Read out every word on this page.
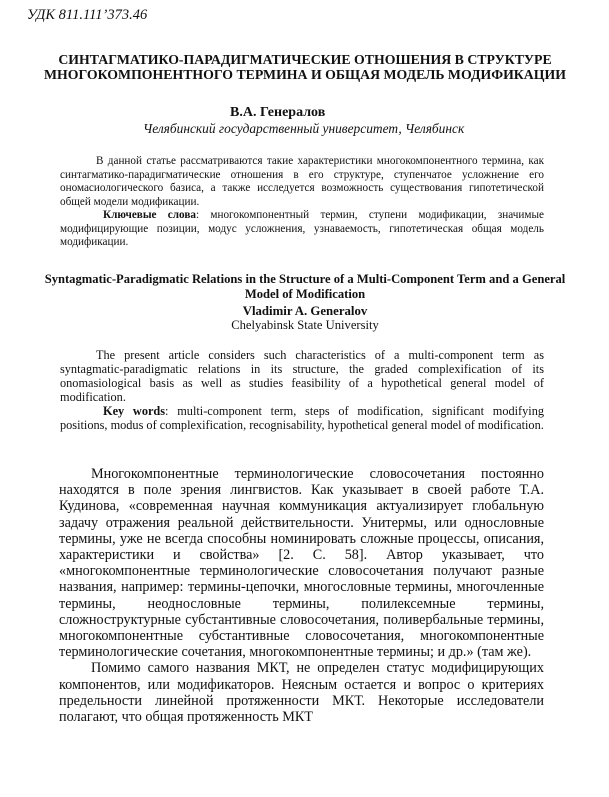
УДК 811.111’373.46
СИНТАГМАТИКО-ПАРАДИГМАТИЧЕСКИЕ ОТНОШЕНИЯ В СТРУКТУРЕ МНОГОКОМПОНЕНТНОГО ТЕРМИНА И ОБЩАЯ МОДЕЛЬ МОДИФИКАЦИИ
В.А. Генералов
Челябинский государственный университет, Челябинск

В данной статье рассматриваются такие характеристики многокомпонентного термина, как синтагматико-парадигматические отношения в его структуре, ступенчатое усложнение его ономасиологического базиса, а также исследуется возможность существования гипотетической общей модели модификации.

Ключевые слова: многокомпонентный термин, ступени модификации, значимые модифицирующие позиции, модус усложнения, узнаваемость, гипотетическая общая модель модификации.

Syntagmatic-Paradigmatic Relations in the Structure of a Multi-Component Term and a General Model of Modification
Vladimir A. Generalov
Chelyabinsk State University

The present article considers such characteristics of a multi-component term as syntagmatic-paradigmatic relations in its structure, the graded complexification of its onomasiological basis as well as studies feasibility of a hypothetical general model of modification.

Key words: multi-component term, steps of modification, significant modifying positions, modus of complexification, recognisability, hypothetical general model of modification.

Многокомпонентные терминологические словосочетания постоянно находятся в поле зрения лингвистов. Как указывает в своей работе Т.А. Кудинова, «современная научная коммуникация актуализирует глобальную задачу отражения реальной действительности. Унитермы, или однословные термины, уже не всегда способны номинировать сложные процессы, описания, характеристики и свойства» [2. С. 58]. Автор указывает, что «многокомпонентные терминологические словосочетания получают разные названия, например: термины-цепочки, многословные термины, многочленные термины, неоднословные термины, полилексемные термины, сложноструктурные субстантивные словосочетания, поливербальные термины, многокомпонентные субстантивные словосочетания, многокомпонентные терминологические сочетания, многокомпонентные термины; и др.» (там же).

Помимо самого названия МКТ, не определен статус модифицирующих компонентов, или модификаторов. Неясным остается и вопрос о критериях предельности линейной протяженности МКТ. Некоторые исследователи полагают, что общая протяженность МКТ
